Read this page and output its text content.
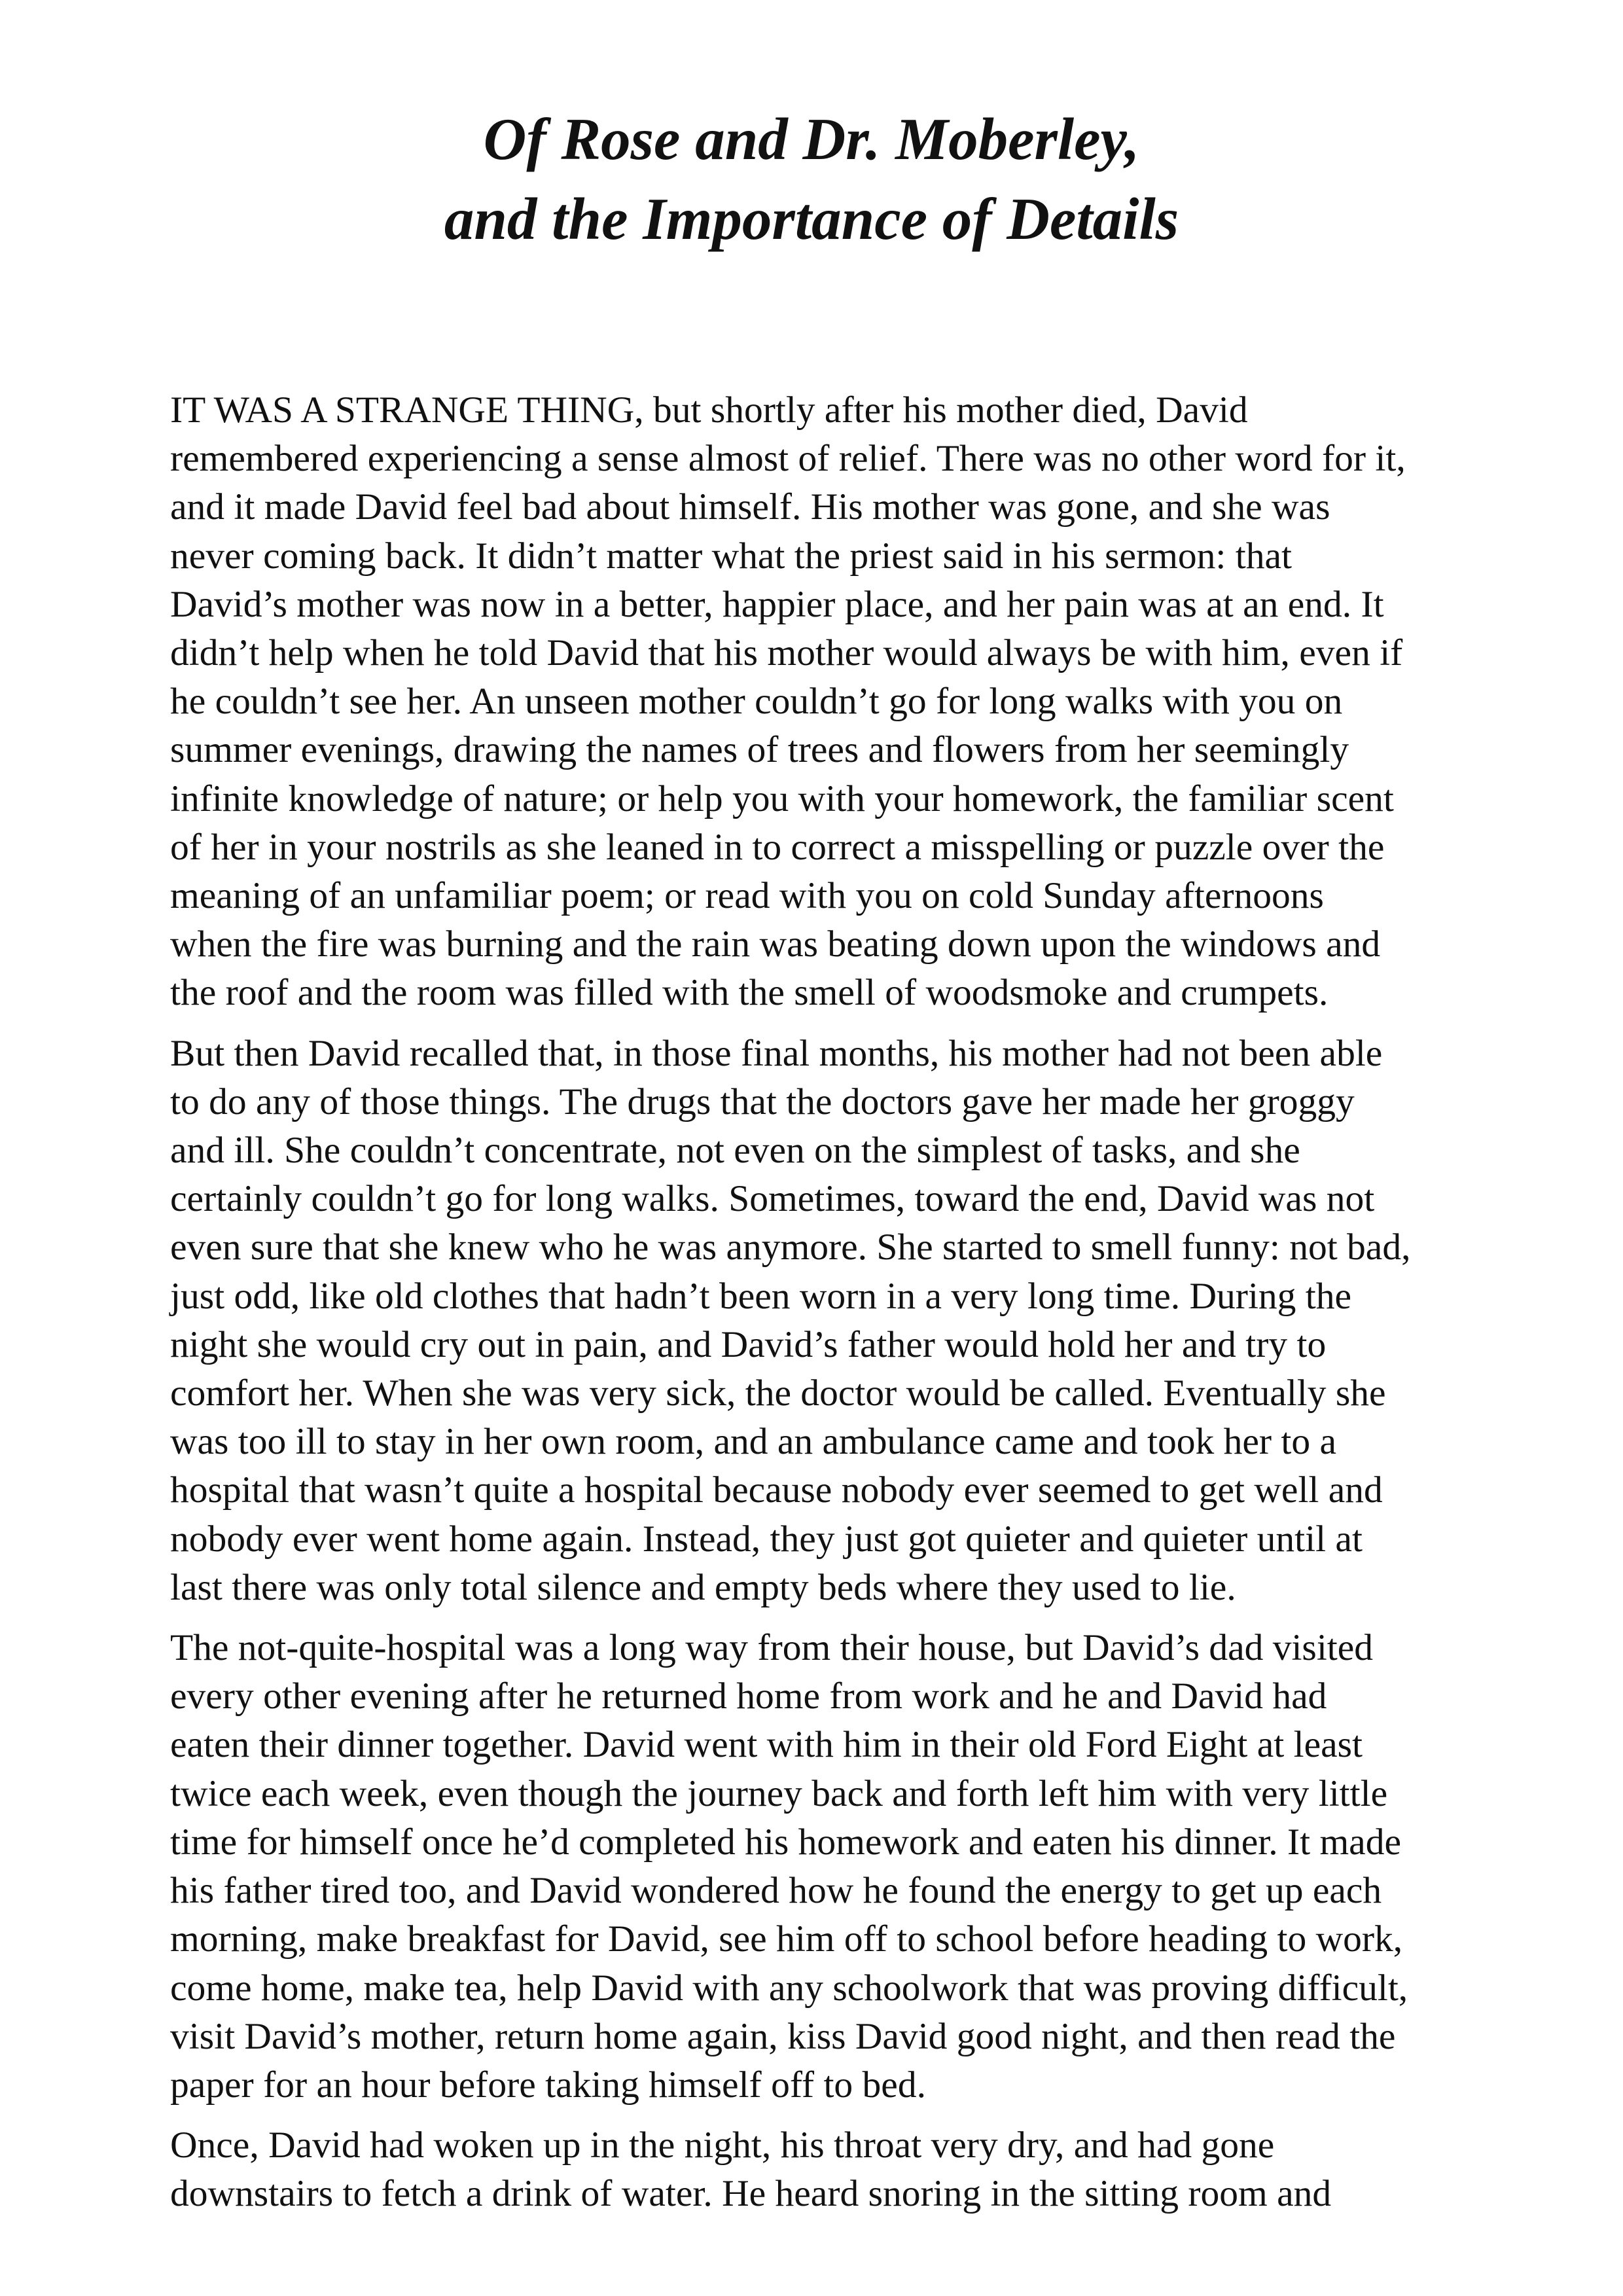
Of Rose and Dr. Moberley,
and the Importance of Details

IT WAS A STRANGE THING, but shortly after his mother died, David
remembered experiencing a sense almost of relief. There was no other word for it,
and it made David feel bad about himself. His mother was gone, and she was
never coming back. It didn’t matter what the priest said in his sermon: that
David’s mother was now in a better, happier place, and her pain was at an end. It
didn’t help when he told David that his mother would always be with him, even if
he couldn’t see her. An unseen mother couldn’t go for long walks with you on
summer evenings, drawing the names of trees and flowers from her seemingly
infinite knowledge of nature; or help you with your homework, the familiar scent
of her in your nostrils as she leaned in to correct a misspelling or puzzle over the
meaning of an unfamiliar poem; or read with you on cold Sunday afternoons
when the fire was burning and the rain was beating down upon the windows and
the roof and the room was filled with the smell of woodsmoke and crumpets.

But then David recalled that, in those final months, his mother had not been able
to do any of those things. The drugs that the doctors gave her made her groggy
and ill. She couldn’t concentrate, not even on the simplest of tasks, and she
certainly couldn’t go for long walks. Sometimes, toward the end, David was not
even sure that she knew who he was anymore. She started to smell funny: not bad,
just odd, like old clothes that hadn’t been worn in a very long time. During the
night she would cry out in pain, and David’s father would hold her and try to
comfort her. When she was very sick, the doctor would be called. Eventually she
was too ill to stay in her own room, and an ambulance came and took her to a
hospital that wasn’t quite a hospital because nobody ever seemed to get well and
nobody ever went home again. Instead, they just got quieter and quieter until at
last there was only total silence and empty beds where they used to lie.

The not-quite-hospital was a long way from their house, but David’s dad visited
every other evening after he returned home from work and he and David had
eaten their dinner together. David went with him in their old Ford Eight at least
twice each week, even though the journey back and forth left him with very little
time for himself once he’d completed his homework and eaten his dinner. It made
his father tired too, and David wondered how he found the energy to get up each
morning, make breakfast for David, see him off to school before heading to work,
come home, make tea, help David with any schoolwork that was proving difficult,
visit David’s mother, return home again, kiss David good night, and then read the
paper for an hour before taking himself off to bed.

Once, David had woken up in the night, his throat very dry, and had gone
downstairs to fetch a drink of water. He heard snoring in the sitting room and
